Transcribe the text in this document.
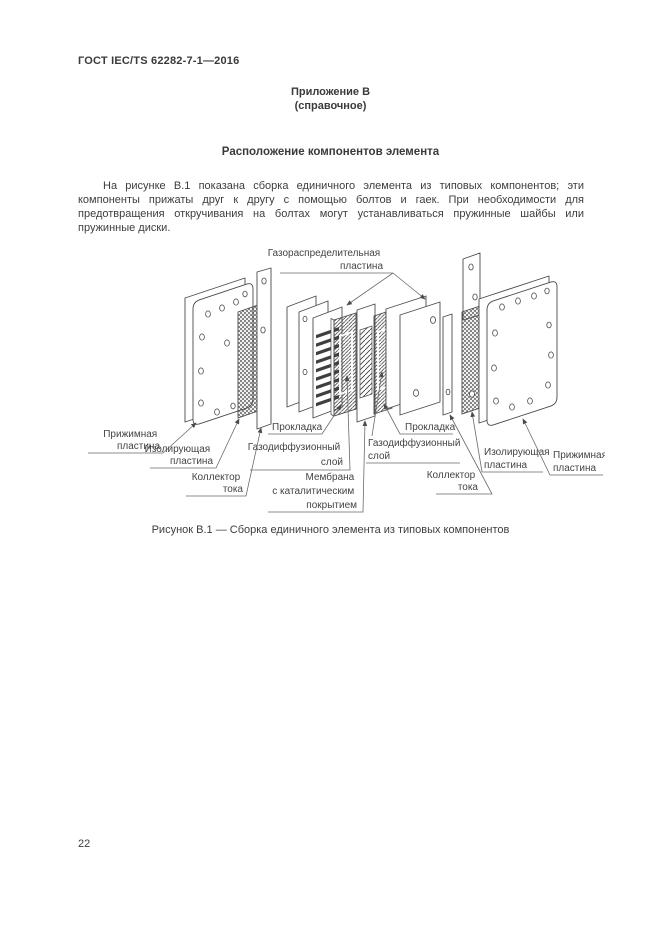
ГОСТ IEC/TS 62282-7-1—2016
Приложение В
(справочное)
Расположение компонентов элемента
На рисунке В.1 показана сборка единичного элемента из типовых компонентов; эти компоненты прижаты друг к другу с помощью болтов и гаек. При необходимости для предотвращения откручивания на болтах могут устанавливаться пружинные шайбы или пружинные диски.
Газораспределительная пластина
Прижимная пластина
Изолирующая пластина
Коллектор тока
Прокладка
Газодиффузионный слой
Мембрана с каталитическим покрытием
Прокладка
Газодиффузионный слой
Коллектор тока
Изолирующая пластина
Прижимная пластина
Рисунок В.1 — Сборка единичного элемента из типовых компонентов
22
